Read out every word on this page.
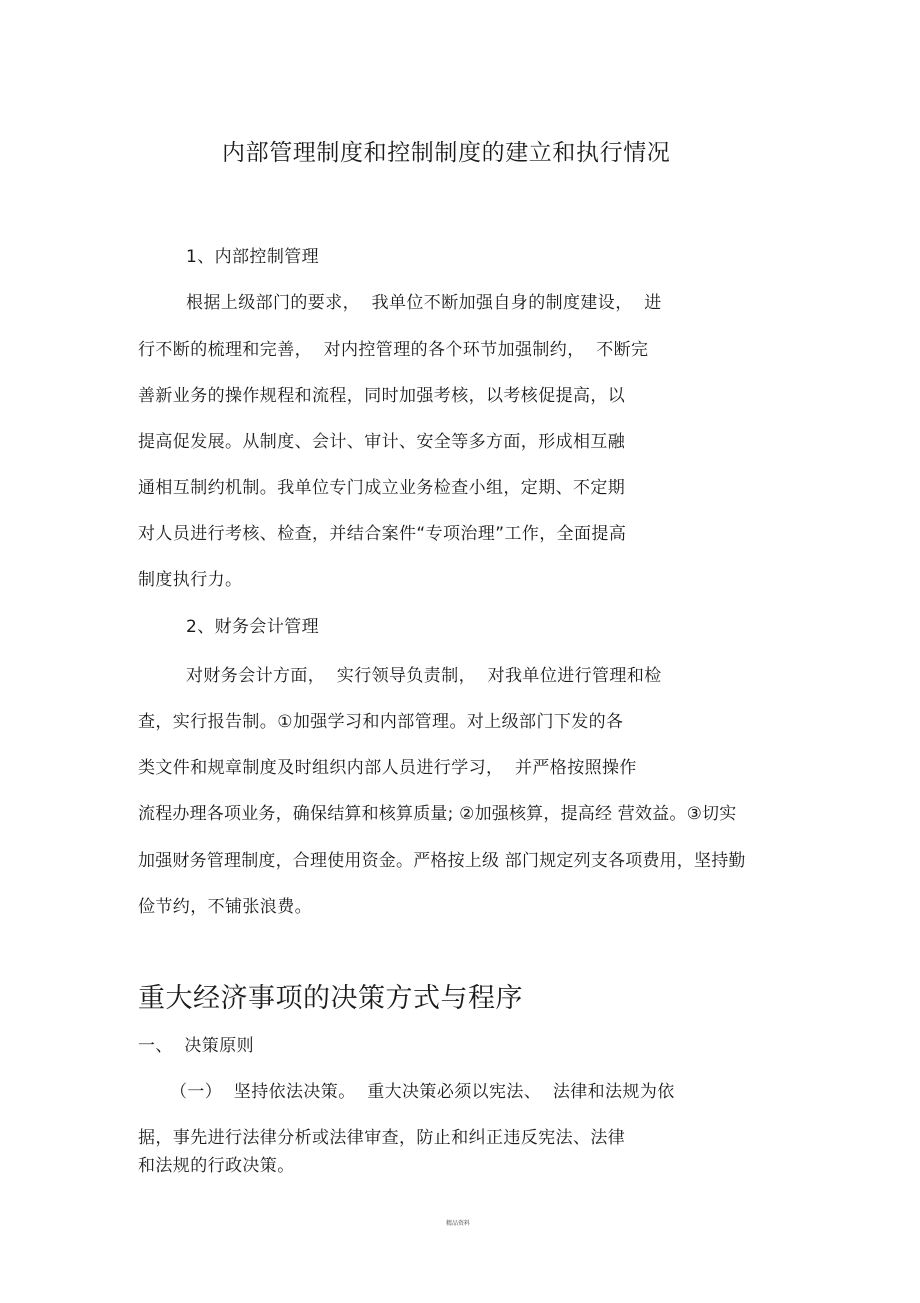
内部管理制度和控制制度的建立和执行情况
1、内部控制管理
根据上级部门的要求，  我单位不断加强自身的制度建设，  进
行不断的梳理和完善，  对内控管理的各个环节加强制约，  不断完
善新业务的操作规程和流程，同时加强考核，以考核促提高，以
提高促发展。从制度、会计、审计、安全等多方面，形成相互融
通相互制约机制。我单位专门成立业务检查小组，定期、不定期
对人员进行考核、检查，并结合案件“专项治理”工作，全面提高
制度执行力。
2、财务会计管理
对财务会计方面，  实行领导负责制，  对我单位进行管理和检
查，实行报告制。①加强学习和内部管理。对上级部门下发的各
类文件和规章制度及时组织内部人员进行学习，  并严格按照操作
流程办理各项业务，确保结算和核算质量; ②加强核算，提高经 营效益。③切实
加强财务管理制度，合理使用资金。严格按上级 部门规定列支各项费用，坚持勤
俭节约，不铺张浪费。
重大经济事项的决策方式与程序
一、  决策原则
（一）  坚持依法决策。  重大决策必须以宪法、  法律和法规为依
据，事先进行法律分析或法律审查，防止和纠正违反宪法、法律
和法规的行政决策。
精品资料
